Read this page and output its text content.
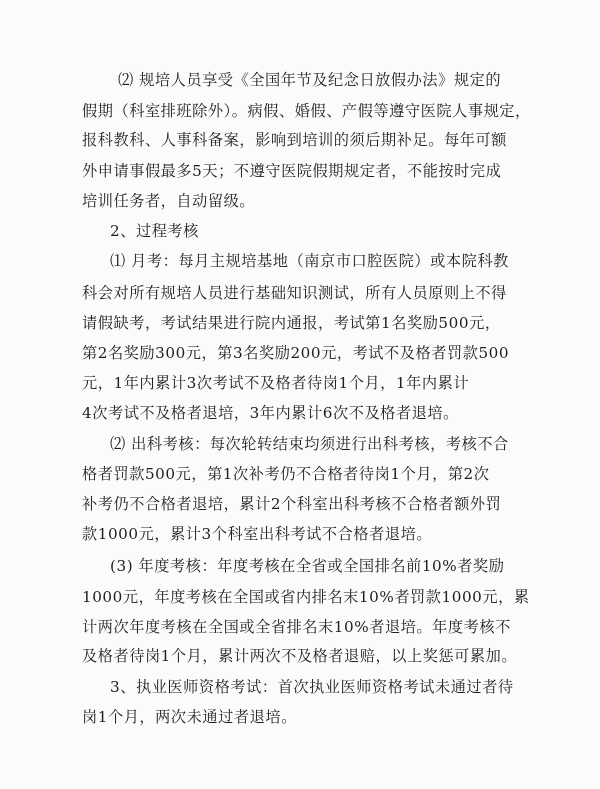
⑵ 规培人员享受《全国年节及纪念日放假办法》规定的
假期（科室排班除外）。病假、婚假、产假等遵守医院人事规定，
报科教科、人事科备案，影响到培训的须后期补足。每年可额
外申请事假最多5天；不遵守医院假期规定者，不能按时完成
培训任务者，自动留级。
2、过程考核
⑴ 月考：每月主规培基地（南京市口腔医院）或本院科教
科会对所有规培人员进行基础知识测试，所有人员原则上不得
请假缺考，考试结果进行院内通报，考试第1名奖励500元，
第2名奖励300元，第3名奖励200元，考试不及格者罚款500
元，1年内累计3次考试不及格者待岗1个月，1年内累计
4次考试不及格者退培，3年内累计6次不及格者退培。
⑵ 出科考核：每次轮转结束均须进行出科考核，考核不合
格者罚款500元，第1次补考仍不合格者待岗1个月，第2次
补考仍不合格者退培，累计2个科室出科考核不合格者额外罚
款1000元，累计3个科室出科考试不合格者退培。
(3) 年度考核：年度考核在全省或全国排名前10%者奖励
1000元，年度考核在全国或省内排名末10%者罚款1000元，累
计两次年度考核在全国或全省排名末10%者退培。年度考核不
及格者待岗1个月，累计两次不及格者退赔，以上奖惩可累加。
3、执业医师资格考试：首次执业医师资格考试未通过者待
岗1个月，两次未通过者退培。
